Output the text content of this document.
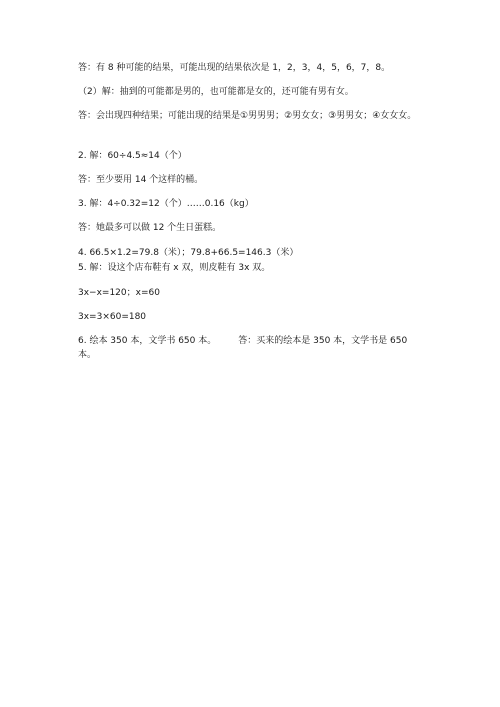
答：有 8 种可能的结果，可能出现的结果依次是 1，2，3，4，5，6，7，8。
（2）解：抽到的可能都是男的，也可能都是女的，还可能有男有女。
答：会出现四种结果；可能出现的结果是①男男男；②男女女；③男男女；④女女女。
2. 解：60÷4.5≈14（个）
答：至少要用 14 个这样的桶。
3. 解：4÷0.32=12（个）……0.16（kg）
答：她最多可以做 12 个生日蛋糕。
4. 66.5×1.2=79.8（米）；79.8+66.5=146.3（米）
5. 解：设这个店布鞋有 x 双，则皮鞋有 3x 双。
3x−x=120；x=60
3x=3×60=180
6. 绘本 350 本，文学书 650 本。 答：买来的绘本是 350 本，文学书是 650 本。
